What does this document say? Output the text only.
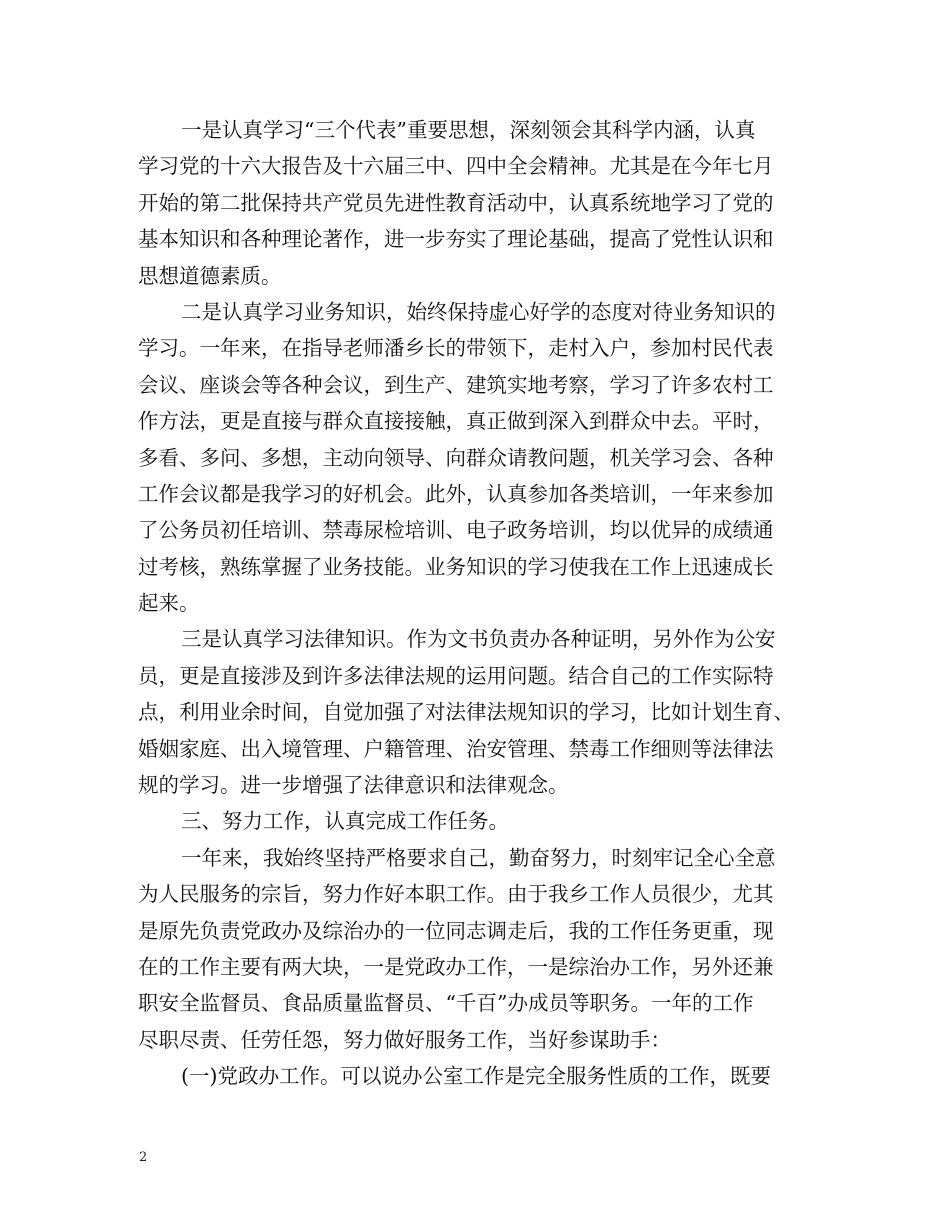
一是认真学习“三个代表”重要思想，深刻领会其科学内涵，认真
学习党的十六大报告及十六届三中、四中全会精神。尤其是在今年七月
开始的第二批保持共产党员先进性教育活动中，认真系统地学习了党的
基本知识和各种理论著作，进一步夯实了理论基础，提高了党性认识和
思想道德素质。
二是认真学习业务知识，始终保持虚心好学的态度对待业务知识的
学习。一年来，在指导老师潘乡长的带领下，走村入户，参加村民代表
会议、座谈会等各种会议，到生产、建筑实地考察，学习了许多农村工
作方法，更是直接与群众直接接触，真正做到深入到群众中去。平时，
多看、多问、多想，主动向领导、向群众请教问题，机关学习会、各种
工作会议都是我学习的好机会。此外，认真参加各类培训，一年来参加
了公务员初任培训、禁毒尿检培训、电子政务培训，均以优异的成绩通
过考核，熟练掌握了业务技能。业务知识的学习使我在工作上迅速成长
起来。
三是认真学习法律知识。作为文书负责办各种证明，另外作为公安
员，更是直接涉及到许多法律法规的运用问题。结合自己的工作实际特
点，利用业余时间，自觉加强了对法律法规知识的学习，比如计划生育、
婚姻家庭、出入境管理、户籍管理、治安管理、禁毒工作细则等法律法
规的学习。进一步增强了法律意识和法律观念。
三、努力工作，认真完成工作任务。
一年来，我始终坚持严格要求自己，勤奋努力，时刻牢记全心全意
为人民服务的宗旨，努力作好本职工作。由于我乡工作人员很少，尤其
是原先负责党政办及综治办的一位同志调走后，我的工作任务更重，现
在的工作主要有两大块，一是党政办工作，一是综治办工作，另外还兼
职安全监督员、食品质量监督员、“千百”办成员等职务。一年的工作
尽职尽责、任劳任怨，努力做好服务工作，当好参谋助手：
(一)党政办工作。可以说办公室工作是完全服务性质的工作，既要
2
